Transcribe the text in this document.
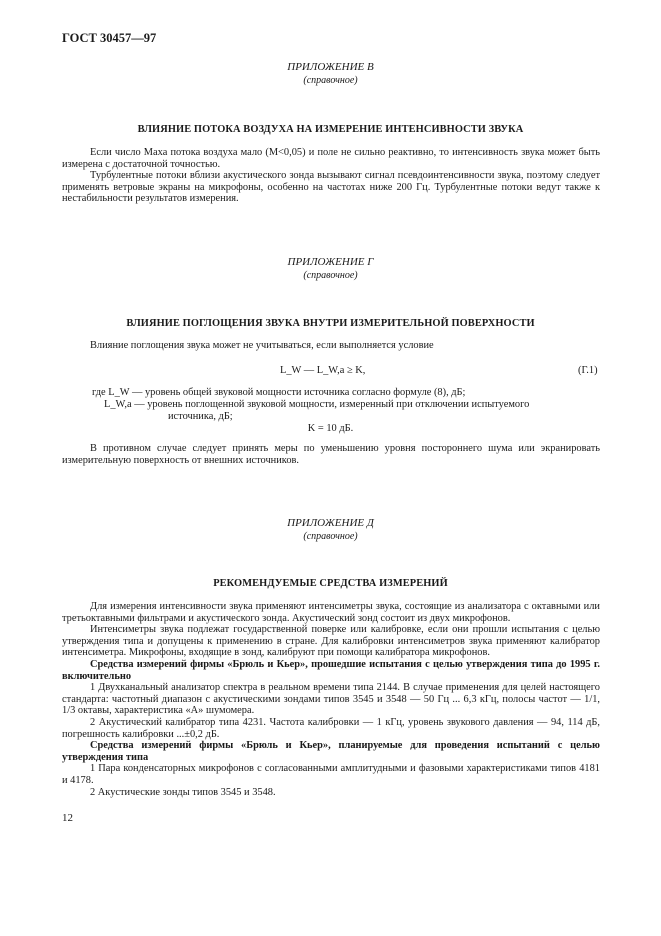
ГОСТ 30457—97
ПРИЛОЖЕНИЕ В
(справочное)
ВЛИЯНИЕ ПОТОКА ВОЗДУХА НА ИЗМЕРЕНИЕ ИНТЕНСИВНОСТИ ЗВУКА

Если число Маха потока воздуха мало (M<0,05) и поле не сильно реактивно, то интенсивность звука может быть измерена с достаточной точностью.

Турбулентные потоки вблизи акустического зонда вызывают сигнал псевдоинтенсивности звука, поэтому следует применять ветровые экраны на микрофоны, особенно на частотах ниже 200 Гц. Турбулентные потоки ведут также к нестабильности результатов измерения.

ПРИЛОЖЕНИЕ Г
(справочное)
ВЛИЯНИЕ ПОГЛОЩЕНИЯ ЗВУКА ВНУТРИ ИЗМЕРИТЕЛЬНОЙ ПОВЕРХНОСТИ

Влияние поглощения звука может не учитываться, если выполняется условие

L_W — L_W,a ≥ K,	(Г.1)
где L_W — уровень общей звуковой мощности источника согласно формуле (8), дБ;
L_W,a — уровень поглощенной звуковой мощности, измеренный при отключении испытуемого
источника, дБ;
K = 10 дБ.

В противном случае следует принять меры по уменьшению уровня постороннего шума или экранировать измерительную поверхность от внешних источников.

ПРИЛОЖЕНИЕ Д
(справочное)
РЕКОМЕНДУЕМЫЕ СРЕДСТВА ИЗМЕРЕНИЙ

Для измерения интенсивности звука применяют интенсиметры звука, состоящие из анализатора с октавными или третьоктавными фильтрами и акустического зонда. Акустический зонд состоит из двух микрофонов.

Интенсиметры звука подлежат государственной поверке или калибровке, если они прошли испытания с целью утверждения типа и допущены к применению в стране. Для калибровки интенсиметров звука применяют калибратор интенсиметра. Микрофоны, входящие в зонд, калибруют при помощи калибратора микрофонов.

Средства измерений фирмы «Брюль и Кьер», прошедшие испытания с целью утверждения типа до 1995 г. включительно

1 Двухканальный анализатор спектра в реальном времени типа 2144. В случае применения для целей настоящего стандарта: частотный диапазон с акустическими зондами типов 3545 и 3548 — 50 Гц ... 6,3 кГц, полосы частот — 1/1, 1/3 октавы, характеристика «А» шумомера.

2 Акустический калибратор типа 4231. Частота калибровки — 1 кГц, уровень звукового давления — 94, 114 дБ, погрешность калибровки ...±0,2 дБ.

Средства измерений фирмы «Брюль и Кьер», планируемые для проведения испытаний с целью утверждения типа

1 Пара конденсаторных микрофонов с согласованными амплитудными и фазовыми характеристиками типов 4181 и 4178.

2 Акустические зонды типов 3545 и 3548.

12
